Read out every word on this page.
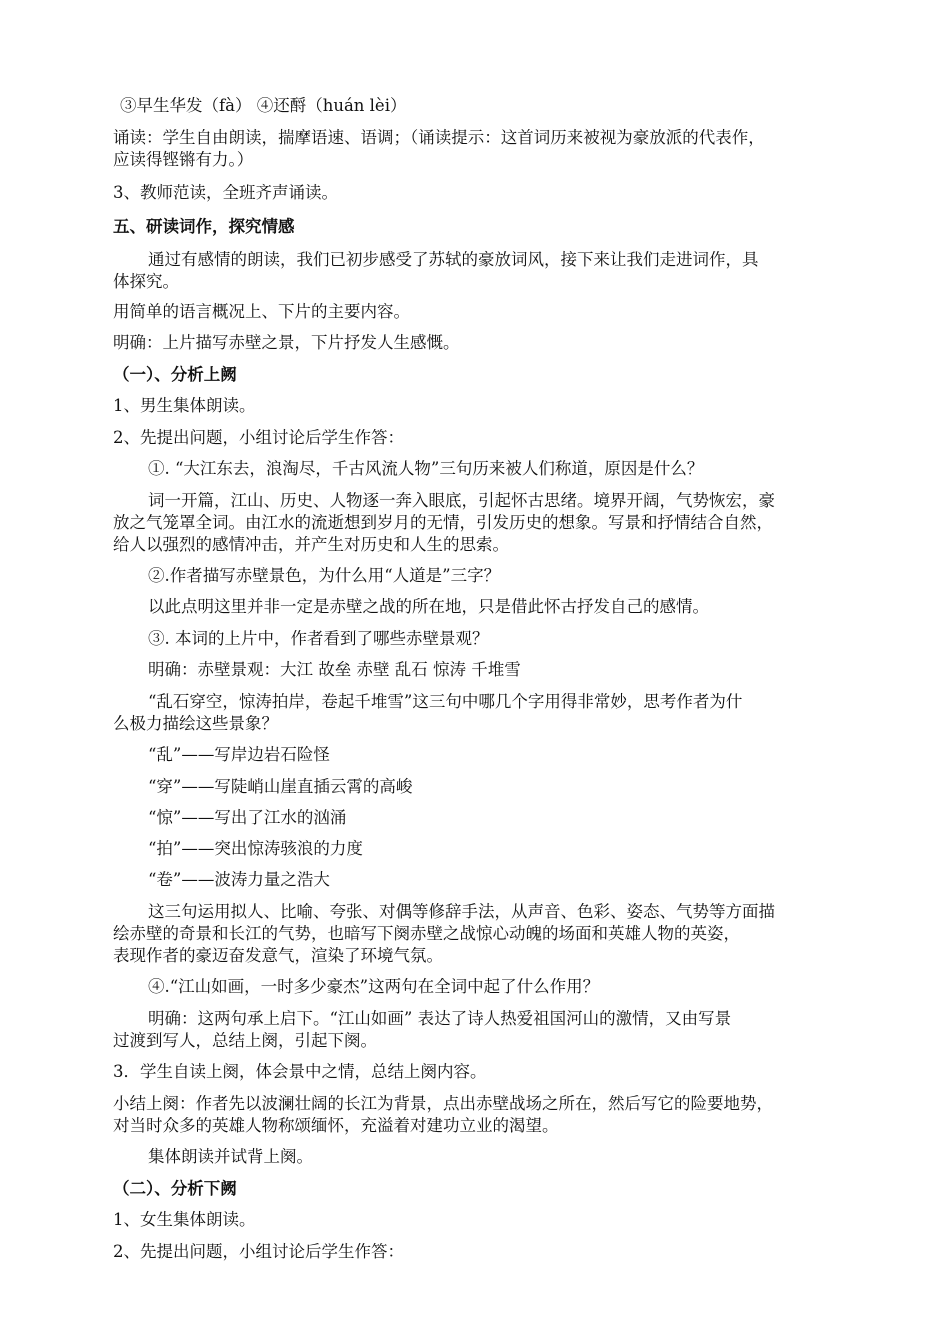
③早生华发（fà） ④还酹（huán lèi）
诵读：学生自由朗读，揣摩语速、语调；（诵读提示：这首词历来被视为豪放派的代表作，
应读得铿锵有力。）
3、教师范读，全班齐声诵读。
五、研读词作，探究情感
通过有感情的朗读，我们已初步感受了苏轼的豪放词风，接下来让我们走进词作，具
体探究。
用简单的语言概况上、下片的主要内容。
明确：上片描写赤壁之景，下片抒发人生感慨。
（一）、分析上阙
1、男生集体朗读。
2、先提出问题，小组讨论后学生作答：
①. “大江东去，浪淘尽，千古风流人物”三句历来被人们称道，原因是什么？
词一开篇，江山、历史、人物逐一奔入眼底，引起怀古思绪。境界开阔，气势恢宏，豪
放之气笼罩全词。由江水的流逝想到岁月的无情，引发历史的想象。写景和抒情结合自然，
给人以强烈的感情冲击，并产生对历史和人生的思索。
②.作者描写赤壁景色，为什么用“人道是”三字？
以此点明这里并非一定是赤壁之战的所在地，只是借此怀古抒发自己的感情。
③. 本词的上片中，作者看到了哪些赤壁景观？
明确：赤壁景观：大江 故垒 赤壁 乱石 惊涛 千堆雪
“乱石穿空，惊涛拍岸，卷起千堆雪”这三句中哪几个字用得非常妙，思考作者为什
么极力描绘这些景象？
“乱”——写岸边岩石险怪
“穿”——写陡峭山崖直插云霄的高峻
“惊”——写出了江水的汹涌
“拍”——突出惊涛骇浪的力度
“卷”——波涛力量之浩大
这三句运用拟人、比喻、夸张、对偶等修辞手法，从声音、色彩、姿态、气势等方面描
绘赤壁的奇景和长江的气势，也暗写下阕赤壁之战惊心动魄的场面和英雄人物的英姿，
表现作者的豪迈奋发意气，渲染了环境气氛。
④.“江山如画，一时多少豪杰”这两句在全词中起了什么作用？
明确：这两句承上启下。“江山如画” 表达了诗人热爱祖国河山的激情，又由写景
过渡到写人，总结上阕，引起下阕。
3．学生自读上阕，体会景中之情，总结上阕内容。
小结上阕：作者先以波澜壮阔的长江为背景，点出赤壁战场之所在，然后写它的险要地势，
对当时众多的英雄人物称颂缅怀，充溢着对建功立业的渴望。
集体朗读并试背上阕。
（二）、分析下阙
1、女生集体朗读。
2、先提出问题，小组讨论后学生作答：
